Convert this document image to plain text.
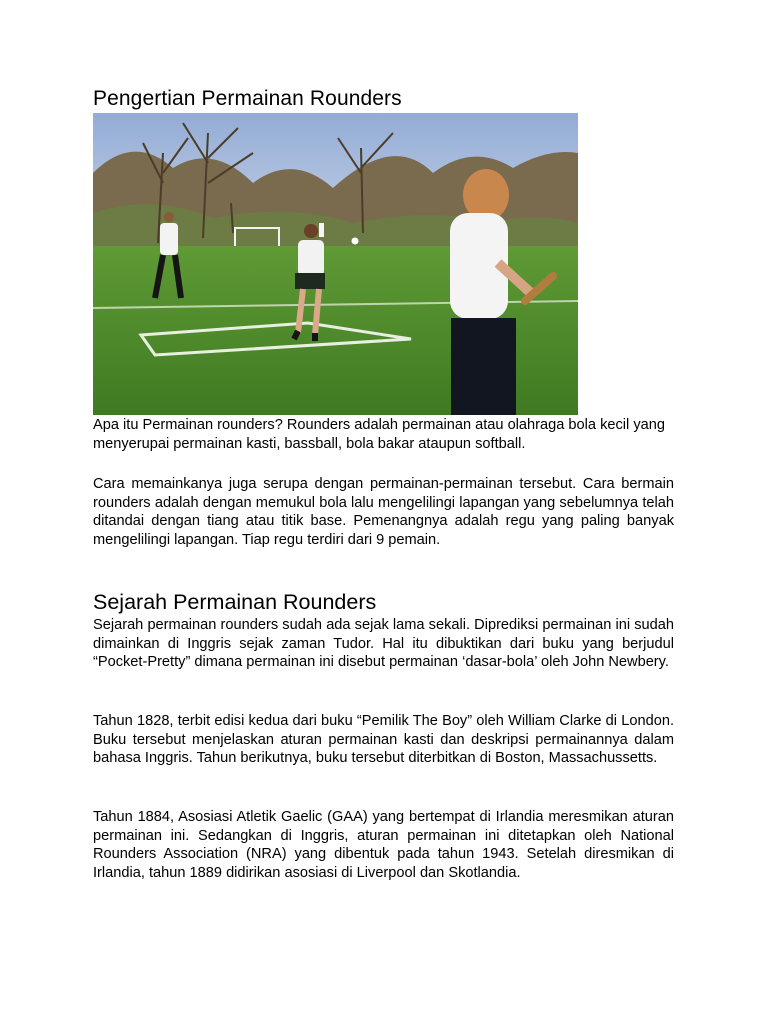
Pengertian Permainan Rounders

Apa itu Permainan rounders? Rounders adalah permainan atau olahraga bola kecil yang menyerupai permainan kasti, bassball, bola bakar ataupun softball.

Cara memainkanya juga serupa dengan permainan-permainan tersebut. Cara bermain rounders adalah dengan memukul bola lalu mengelilingi lapangan yang sebelumnya telah ditandai dengan tiang atau titik base. Pemenangnya adalah regu yang paling banyak mengelilingi lapangan. Tiap regu terdiri dari 9 pemain.

Sejarah Permainan Rounders

Sejarah permainan rounders sudah ada sejak lama sekali. Diprediksi permainan ini sudah dimainkan di Inggris sejak zaman Tudor. Hal itu dibuktikan dari buku yang berjudul “Pocket-Pretty” dimana permainan ini disebut permainan ‘dasar-bola’ oleh John Newbery.

Tahun 1828, terbit edisi kedua dari buku “Pemilik The Boy” oleh William Clarke di London. Buku tersebut menjelaskan aturan permainan kasti dan deskripsi permainannya dalam bahasa Inggris. Tahun berikutnya, buku tersebut diterbitkan di Boston, Massachussetts.

Tahun 1884, Asosiasi Atletik Gaelic (GAA) yang bertempat di Irlandia meresmikan aturan permainan ini. Sedangkan di Inggris, aturan permainan ini ditetapkan oleh National Rounders Association (NRA) yang dibentuk pada tahun 1943. Setelah diresmikan di Irlandia, tahun 1889 didirikan asosiasi di Liverpool dan Skotlandia.
